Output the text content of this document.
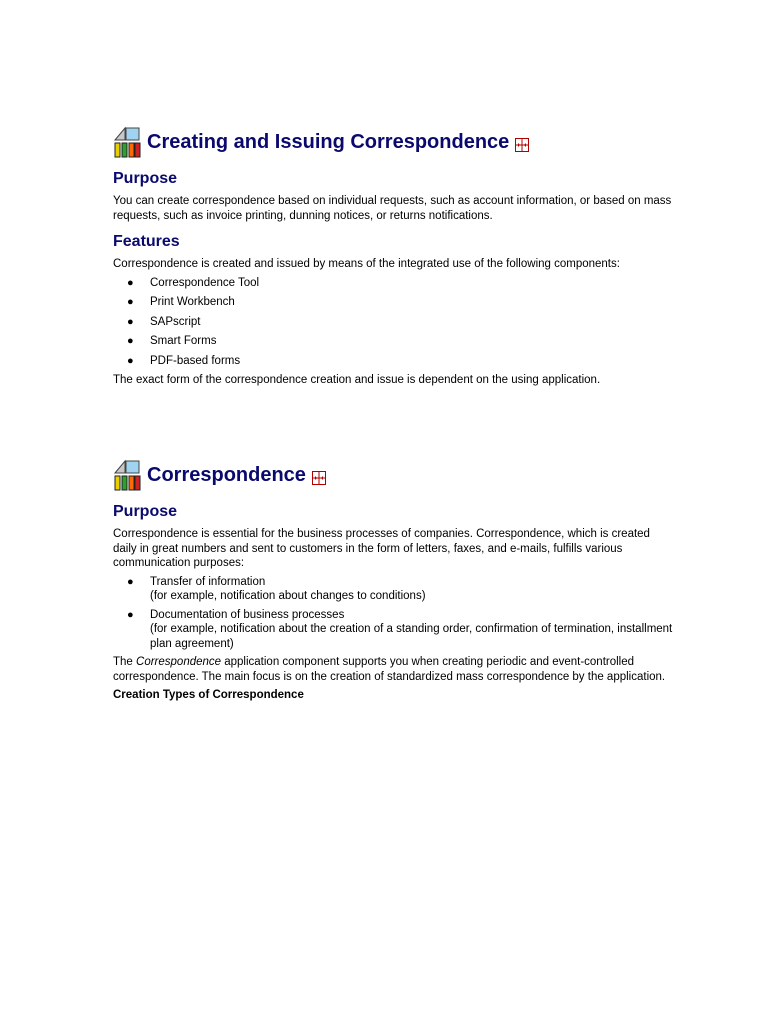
Creating and Issuing Correspondence
Purpose

You can create correspondence based on individual requests, such as account information, or based on mass requests, such as invoice printing, dunning notices, or returns notifications.

Features

Correspondence is created and issued by means of the integrated use of the following components:

● Correspondence Tool
● Print Workbench
● SAPscript
● Smart Forms
● PDF-based forms

The exact form of the correspondence creation and issue is dependent on the using application.

Correspondence
Purpose

Correspondence is essential for the business processes of companies. Correspondence, which is created daily in great numbers and sent to customers in the form of letters, faxes, and e-mails, fulfills various communication purposes:

● Transfer of information
(for example, notification about changes to conditions)
● Documentation of business processes
(for example, notification about the creation of a standing order, confirmation of termination, installment plan agreement)

The Correspondence application component supports you when creating periodic and event-controlled correspondence. The main focus is on the creation of standardized mass correspondence by the application.

Creation Types of Correspondence
